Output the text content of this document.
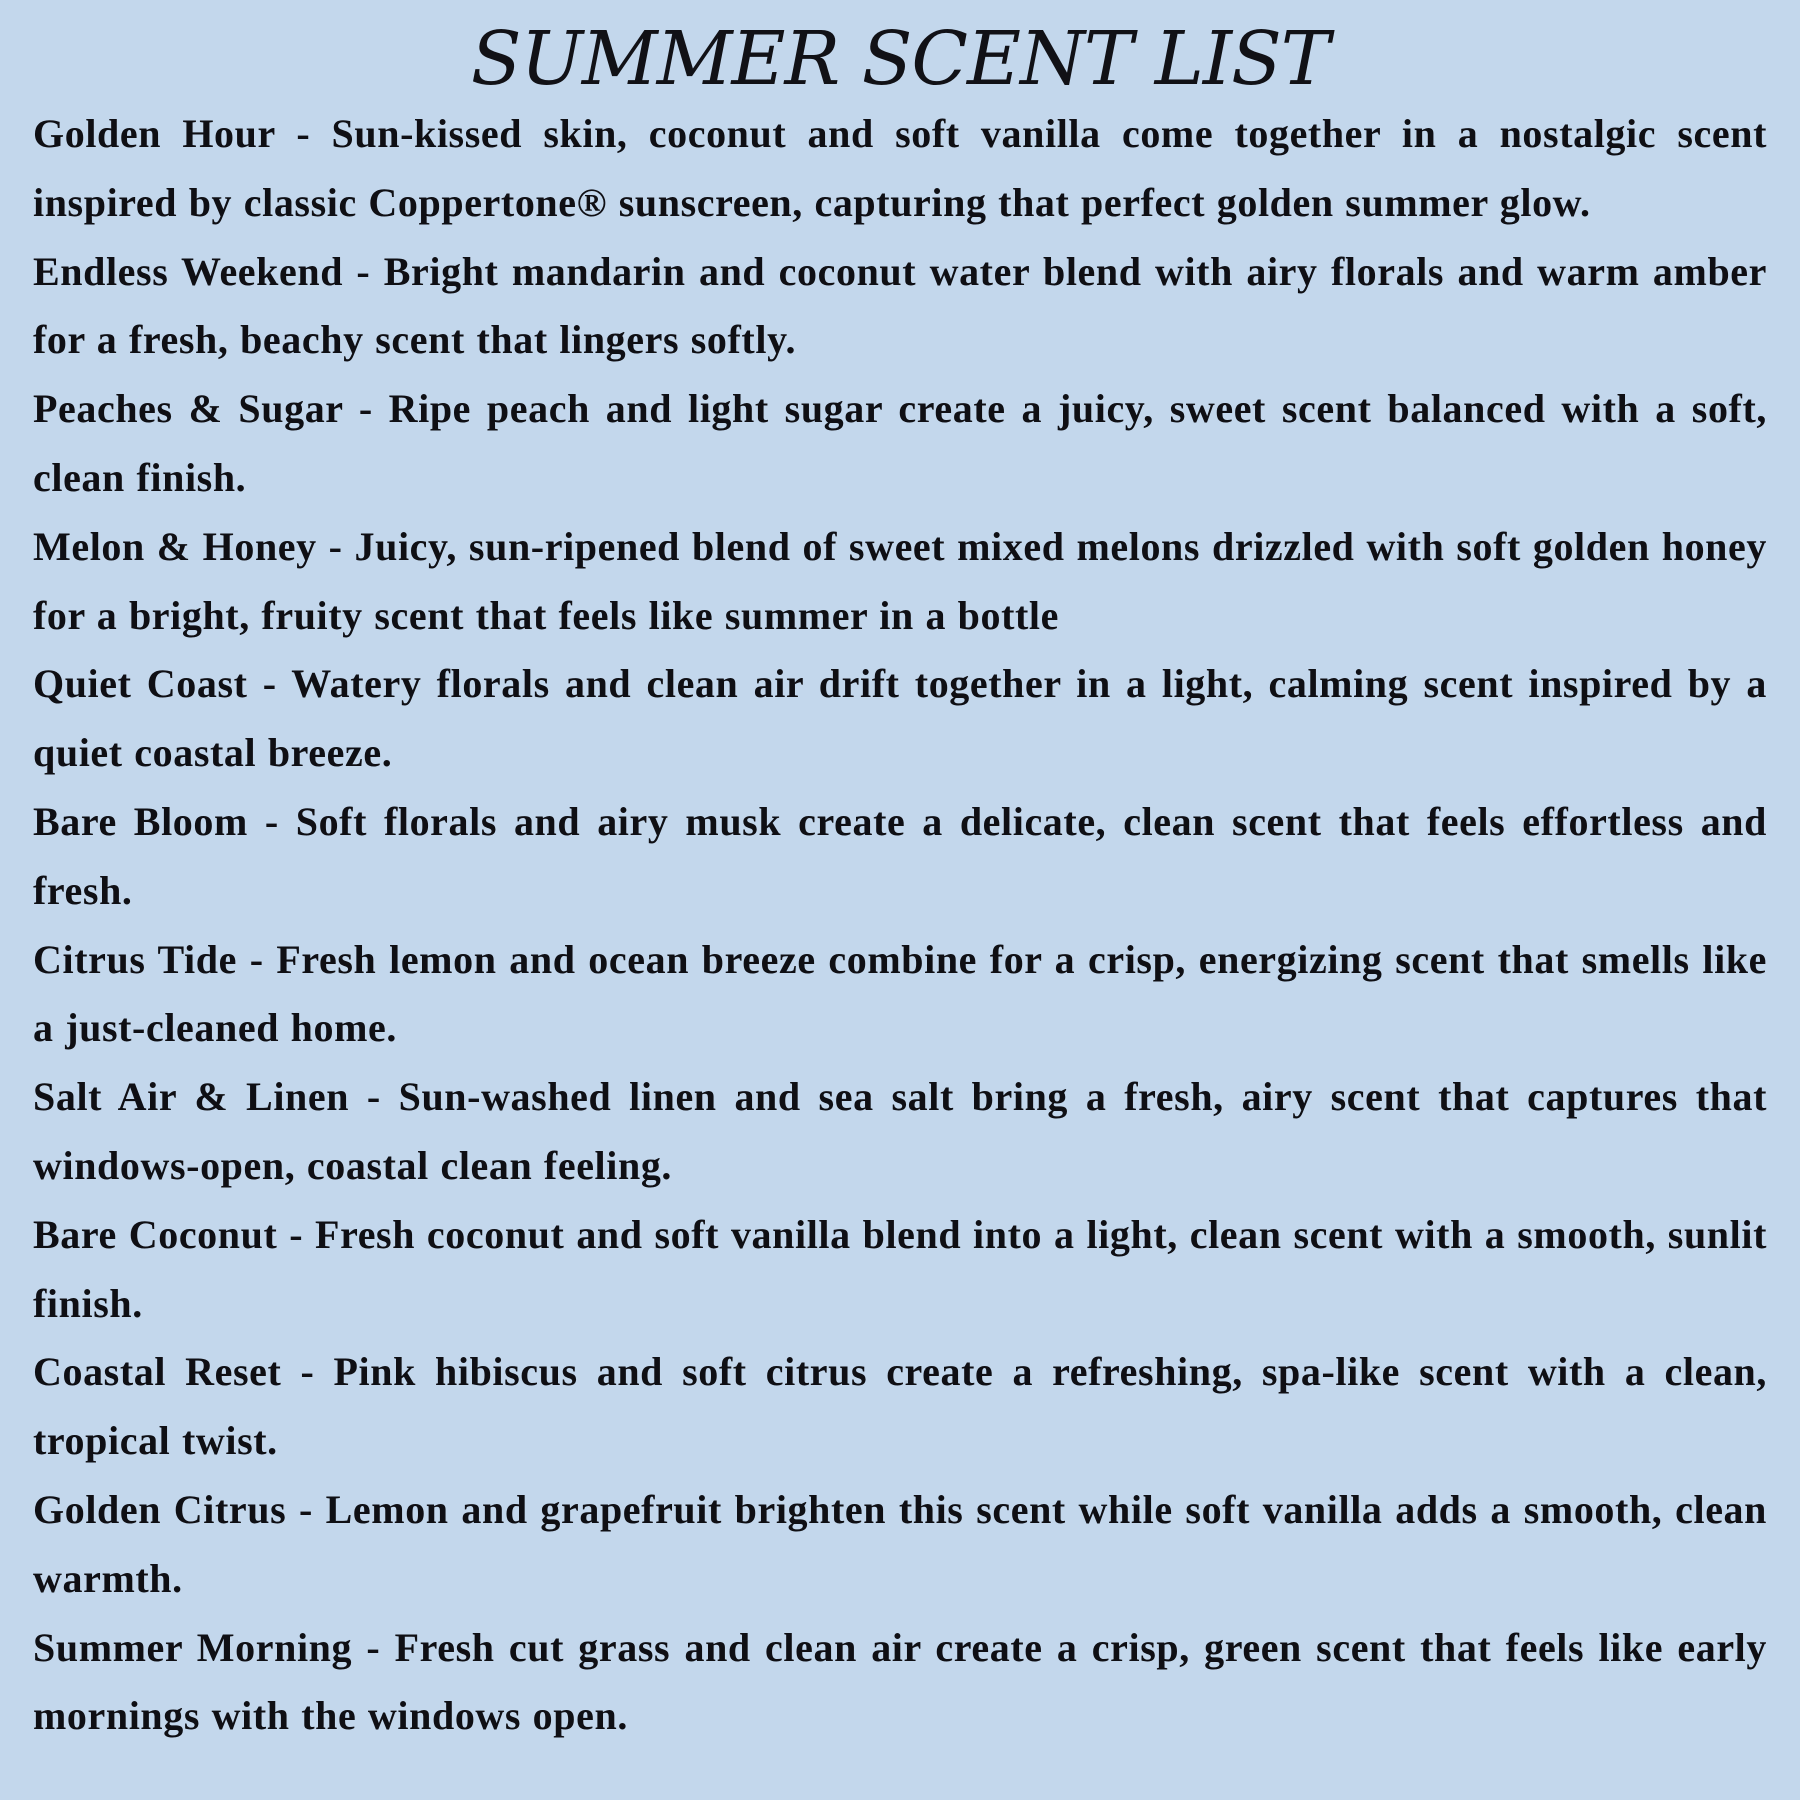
SUMMER SCENT LIST
Golden Hour - Sun-kissed skin, coconut and soft vanilla come together in a nostalgic scent inspired by classic Coppertone® sunscreen, capturing that perfect golden summer glow.
Endless Weekend - Bright mandarin and coconut water blend with airy florals and warm amber for a fresh, beachy scent that lingers softly.
Peaches & Sugar - Ripe peach and light sugar create a juicy, sweet scent balanced with a soft, clean finish.
Melon & Honey - Juicy, sun-ripened blend of sweet mixed melons drizzled with soft golden honey for a bright, fruity scent that feels like summer in a bottle
Quiet Coast - Watery florals and clean air drift together in a light, calming scent inspired by a quiet coastal breeze.
Bare Bloom - Soft florals and airy musk create a delicate, clean scent that feels effortless and fresh.
Citrus Tide - Fresh lemon and ocean breeze combine for a crisp, energizing scent that smells like a just-cleaned home.
Salt Air & Linen - Sun-washed linen and sea salt bring a fresh, airy scent that captures that windows-open, coastal clean feeling.
Bare Coconut - Fresh coconut and soft vanilla blend into a light, clean scent with a smooth, sunlit finish.
Coastal Reset - Pink hibiscus and soft citrus create a refreshing, spa-like scent with a clean, tropical twist.
Golden Citrus - Lemon and grapefruit brighten this scent while soft vanilla adds a smooth, clean warmth.
Summer Morning - Fresh cut grass and clean air create a crisp, green scent that feels like early mornings with the windows open.
